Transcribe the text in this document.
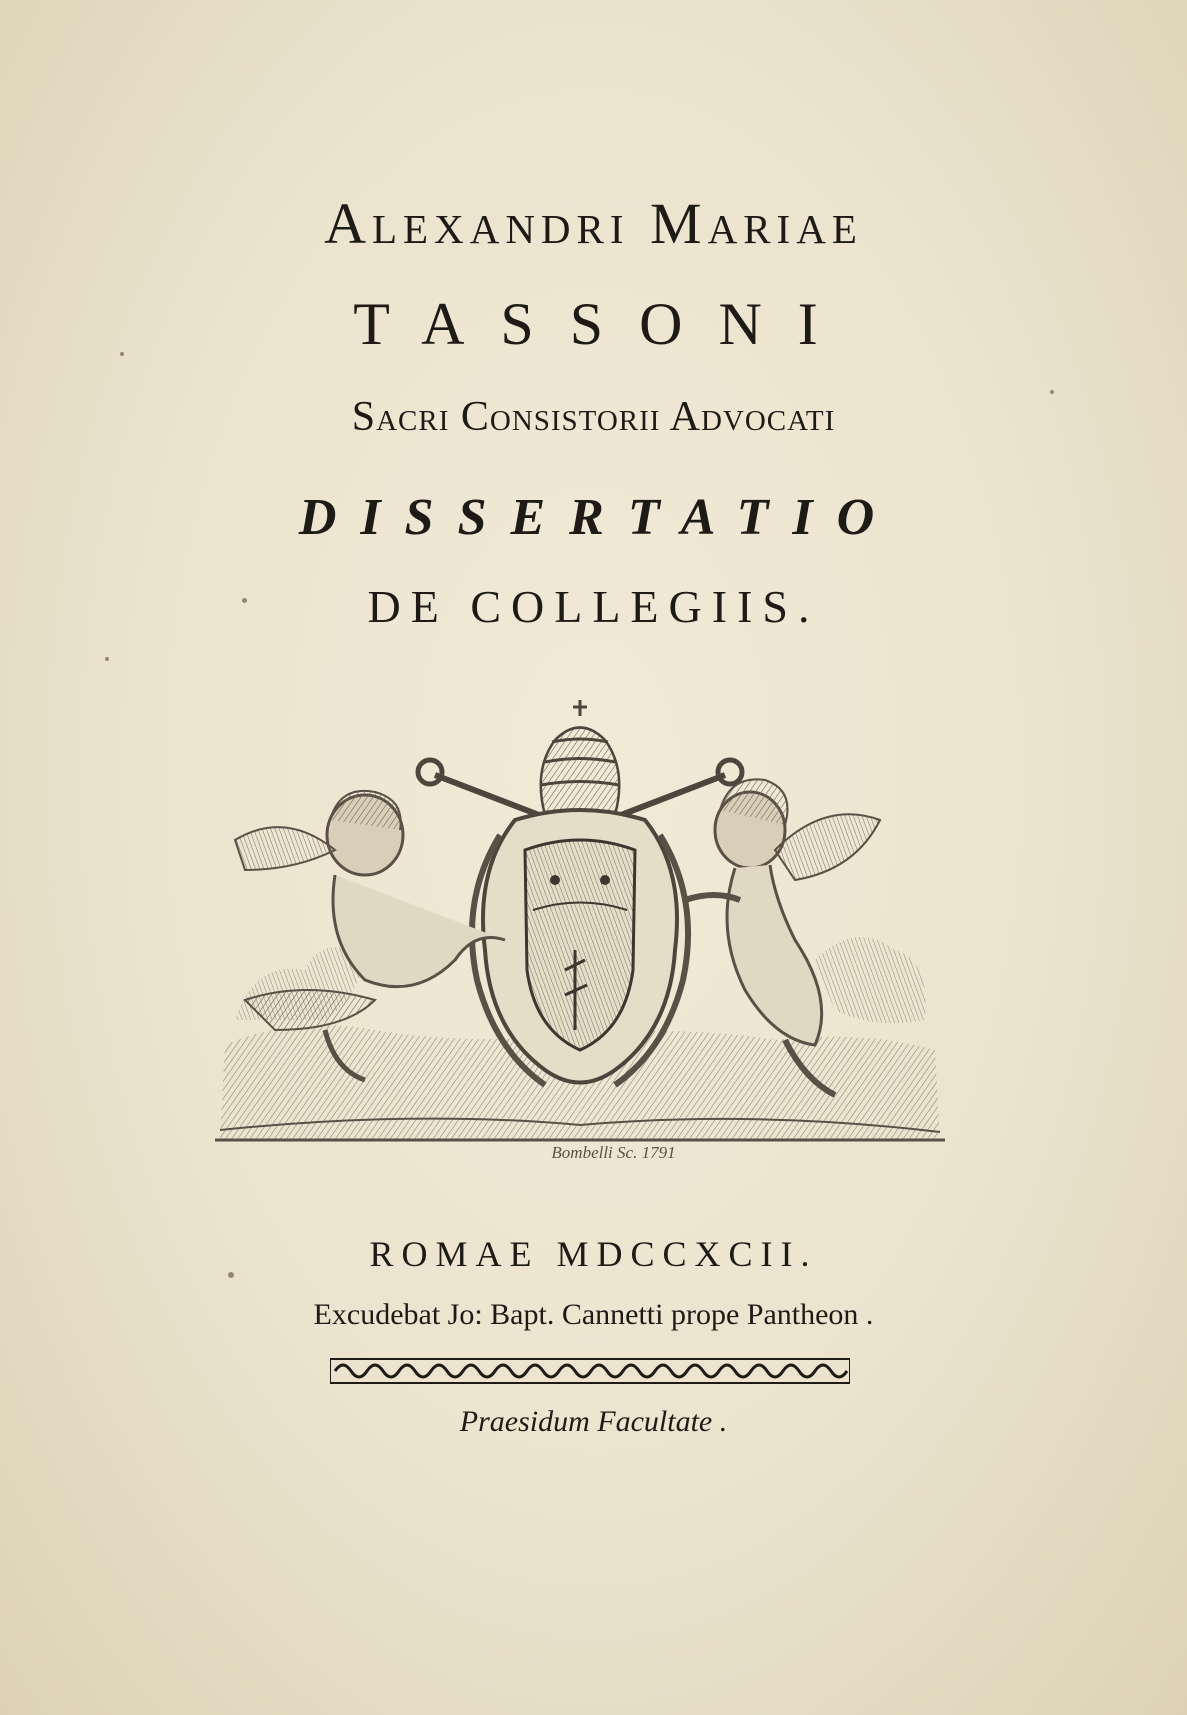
Alexandri Mariae
TASSONI
Sacri Consistorii Advocati
DISSERTATIO
DE COLLEGIIS.
Bombelli Sc. 1791
ROMAE MDCCXCII.
Excudebat Jo: Bapt. Cannetti prope Pantheon .
Praesidum Facultate .
